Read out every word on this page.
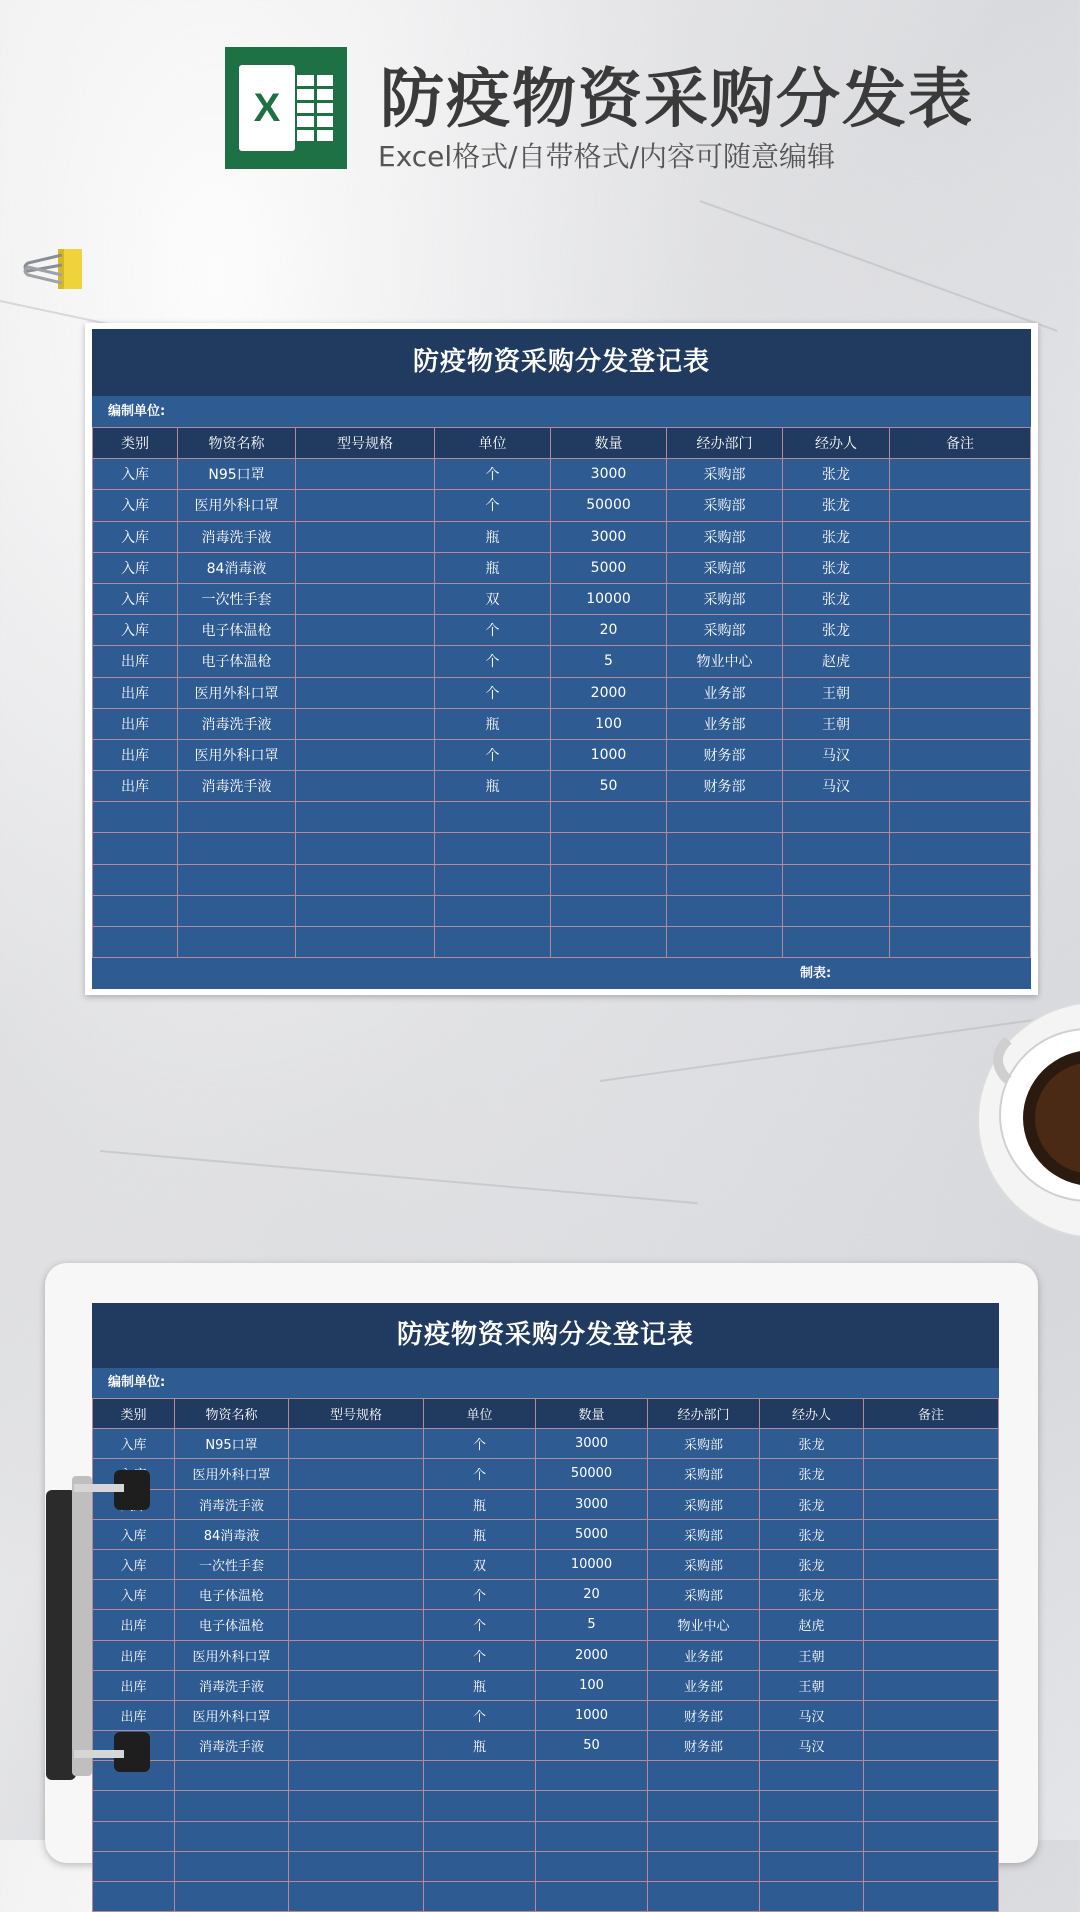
X 防疫物资采购分发表
Excel格式/自带格式/内容可随意编辑
防疫物资采购分发登记表
编制单位:
类别	物资名称	型号规格	单位	数量	经办部门	经办人	备注
入库	N95口罩		个	3000	采购部	张龙	
入库	医用外科口罩		个	50000	采购部	张龙	
入库	消毒洗手液		瓶	3000	采购部	张龙	
入库	84消毒液		瓶	5000	采购部	张龙	
入库	一次性手套		双	10000	采购部	张龙	
入库	电子体温枪		个	20	采购部	张龙	
出库	电子体温枪		个	5	物业中心	赵虎	
出库	医用外科口罩		个	2000	业务部	王朝	
出库	消毒洗手液		瓶	100	业务部	王朝	
出库	医用外科口罩		个	1000	财务部	马汉	
出库	消毒洗手液		瓶	50	财务部	马汉	

制表:
防疫物资采购分发登记表
编制单位:
类别	物资名称	型号规格	单位	数量	经办部门	经办人	备注
入库	N95口罩		个	3000	采购部	张龙	
	医用外科口罩		个	50000	采购部	张龙	
	消毒洗手液		瓶	3000	采购部	张龙	
入库	84消毒液		瓶	5000	采购部	张龙	
入库	一次性手套		双	10000	采购部	张龙	
入库	电子体温枪		个	20	采购部	张龙	
出库	电子体温枪		个	5	物业中心	赵虎	
出库	医用外科口罩		个	2000	业务部	王朝	
出库	消毒洗手液		瓶	100	业务部	王朝	
出库	医用外科口罩		个	1000	财务部	马汉	
	消毒洗手液		瓶	50	财务部	马汉	
